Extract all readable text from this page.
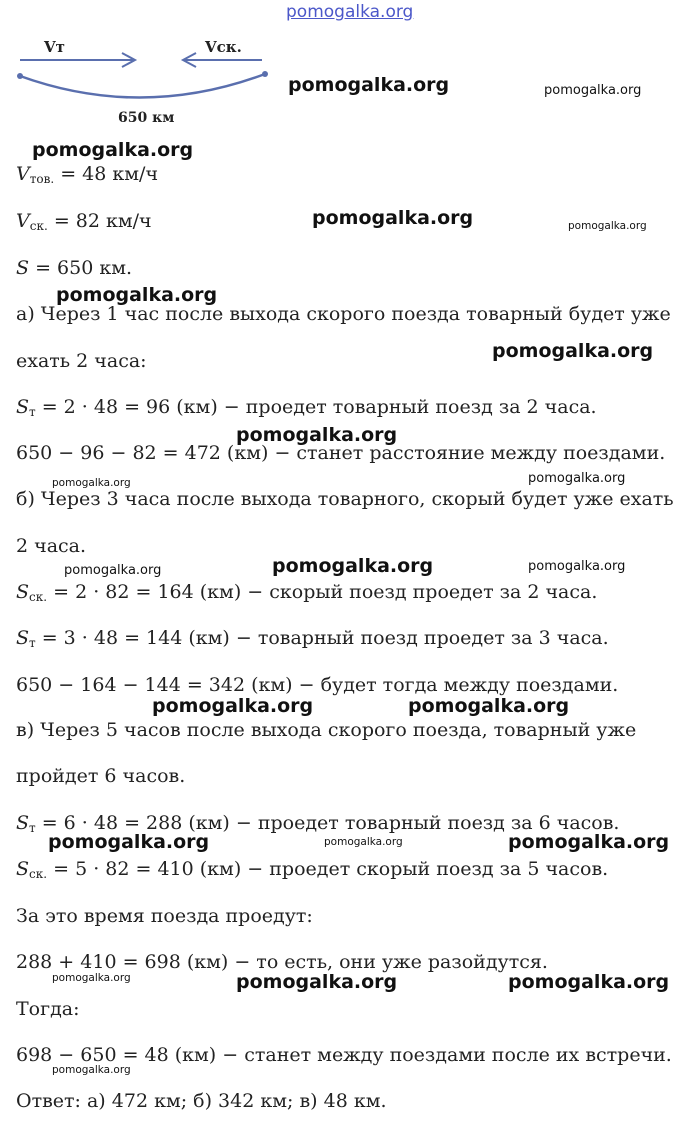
pomogalka.org
Vт	Vск.
650 км
pomogalka.org	pomogalka.org
pomogalka.org
pomogalka.org	pomogalka.org
pomogalka.org
pomogalka.org
pomogalka.org
pomogalka.org	pomogalka.org
pomogalka.org	pomogalka.org	pomogalka.org
pomogalka.org	pomogalka.org
pomogalka.org	pomogalka.org	pomogalka.org
pomogalka.org	pomogalka.org	pomogalka.org
pomogalka.org
$V_{тов.} = 48$ км/ч
$V_{ск.} = 82$ км/ч
S = 650 км.
а) Через 1 час после выхода скорого поезда товарный будет уже
ехать 2 часа:
$S_т = 2 \cdot 48 = 96$ (км) − проедет товарный поезд за 2 часа.
650 − 96 − 82 = 472 (км) − станет расстояние между поездами.
б) Через 3 часа после выхода товарного, скорый будет уже ехать
2 часа.
$S_{ск.} = 2 \cdot 82 = 164$ (км) − скорый поезд проедет за 2 часа.
$S_т = 3 \cdot 48 = 144$ (км) − товарный поезд проедет за 3 часа.
650 − 164 − 144 = 342 (км) − будет тогда между поездами.
в) Через 5 часов после выхода скорого поезда, товарный уже
пройдет 6 часов.
$S_т = 6 \cdot 48 = 288$ (км) − проедет товарный поезд за 6 часов.
$S_{ск.} = 5 \cdot 82 = 410$ (км) − проедет скорый поезд за 5 часов.
За это время поезда проедут:
288 + 410 = 698 (км) − то есть, они уже разойдутся.
Тогда:
698 − 650 = 48 (км) − станет между поездами после их встречи.
Ответ: а) 472 км; б) 342 км; в) 48 км.
